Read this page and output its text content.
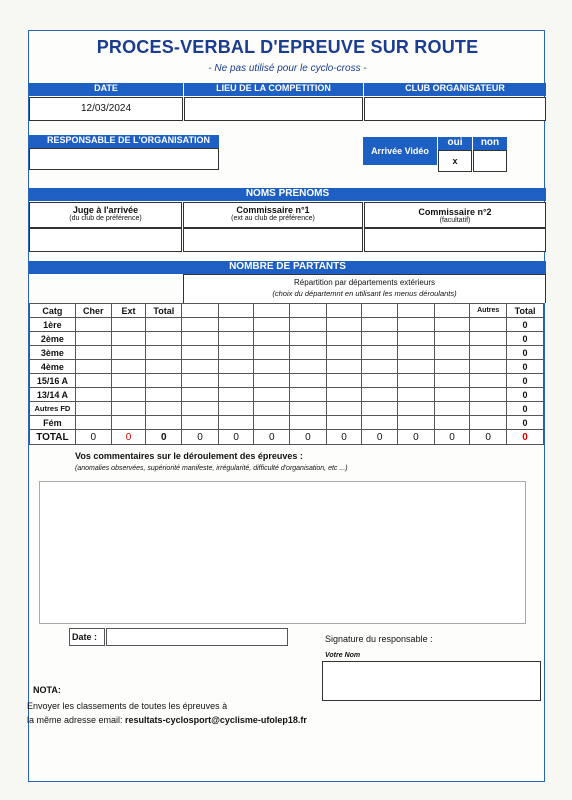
PROCES-VERBAL D'EPREUVE SUR ROUTE
- Ne pas utilisé pour le cyclo-cross -
DATE	LIEU DE LA COMPETITION	CLUB ORGANISATEUR
12/03/2024
RESPONSABLE DE L'ORGANISATION
Arrivée Vidéo
oui	non
x
NOMS PRENOMS
Juge à l'arrivée
(du club de préférence)
Commissaire n°1
(ext au club de préférence)
Commissaire n°2
(facultatif)
NOMBRE DE PARTANTS
Répartition par départements extérieurs
(choix du départemnt en utilisant les menus déroulants)
Catg	Cher	Ext	Total									Autres	Total
1ère													0
2ème													0
3ème													0
4ème													0
15/16 A													0
13/14 A													0
Autres FD													0
Fém													0
TOTAL	0	0	0	0	0	0	0	0	0	0	0	0	0
Vos commentaires sur le déroulement des épreuves :
(anomalies observées, supériorité manifeste, irrégularité, difficulté d'organisation, etc ...)
Date :	Signature du responsable :
Votre Nom
NOTA:
Envoyer les classements de toutes les épreuves à
la même adresse email: resultats-cyclosport@cyclisme-ufolep18.fr
